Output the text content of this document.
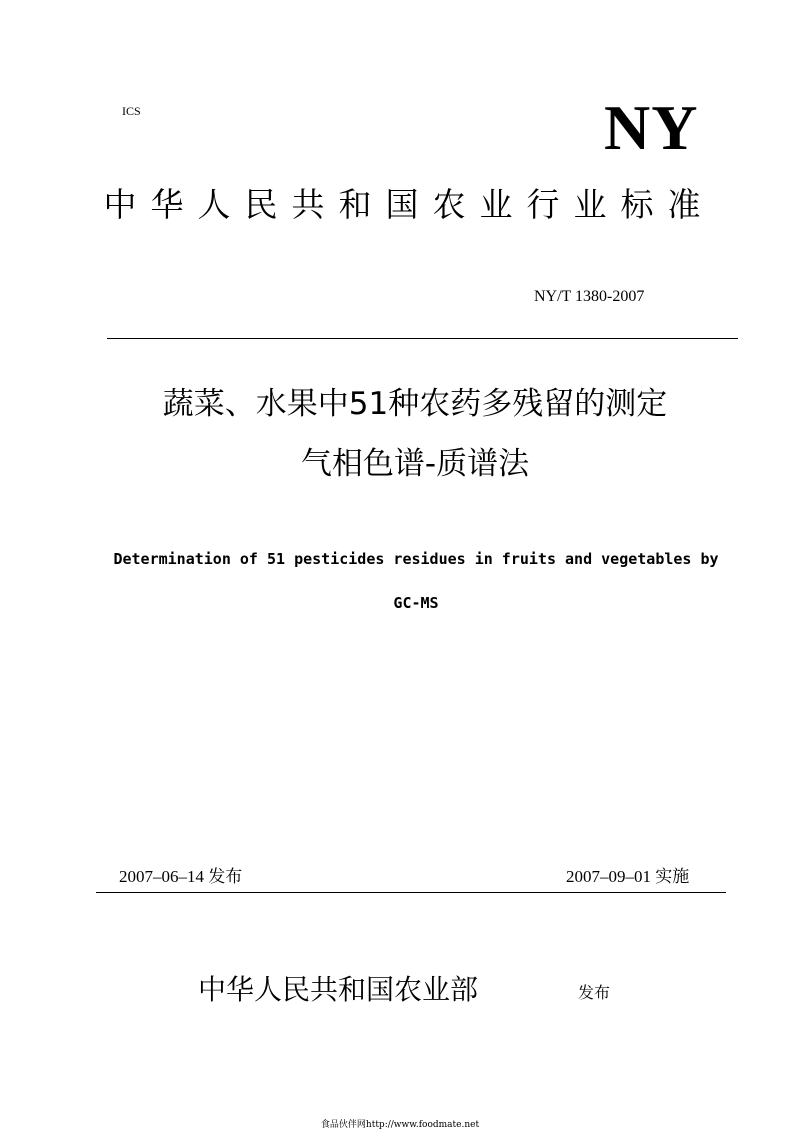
ICS	NY
中华人民共和国农业行业标准
NY/T 1380-2007
蔬菜、水果中51种农药多残留的测定
气相色谱-质谱法
Determination of 51 pesticides residues in fruits and vegetables by
GC-MS
2007–06–14 发布	2007–09–01 实施
中华人民共和国农业部	发布
食品伙伴网http://www.foodmate.net
